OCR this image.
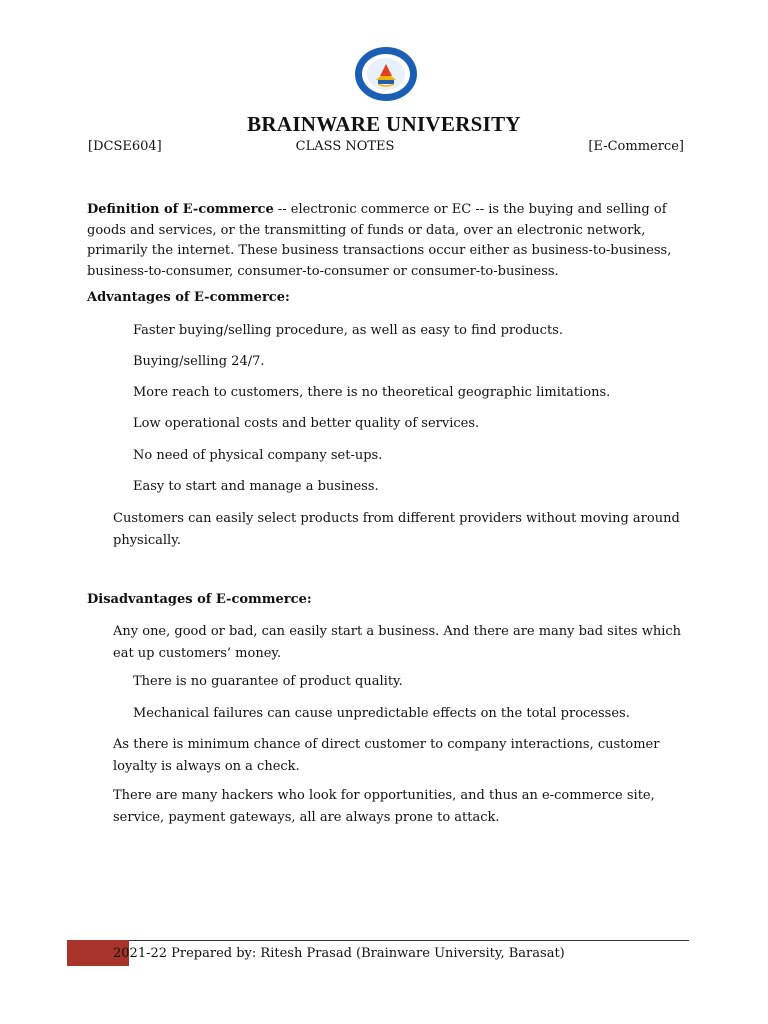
BRAINWARE UNIVERSITY
[DCSE604]	CLASS NOTES	[E-Commerce]
Definition of E-commerce -- electronic commerce or EC -- is the buying and selling of goods and services, or the transmitting of funds or data, over an electronic network, primarily the internet. These business transactions occur either as business-to-business, business-to-consumer, consumer-to-consumer or consumer-to-business.
Advantages of E-commerce:
Faster buying/selling procedure, as well as easy to find products.
Buying/selling 24/7.
More reach to customers, there is no theoretical geographic limitations.
Low operational costs and better quality of services.
No need of physical company set-ups.
Easy to start and manage a business.
Customers can easily select products from different providers without moving around physically.
Disadvantages of E-commerce:
Any one, good or bad, can easily start a business. And there are many bad sites which eat up customers’ money.
There is no guarantee of product quality.
Mechanical failures can cause unpredictable effects on the total processes.
As there is minimum chance of direct customer to company interactions, customer loyalty is always on a check.
There are many hackers who look for opportunities, and thus an e-commerce site, service, payment gateways, all are always prone to attack.
2021-22 Prepared by: Ritesh Prasad (Brainware University, Barasat)
